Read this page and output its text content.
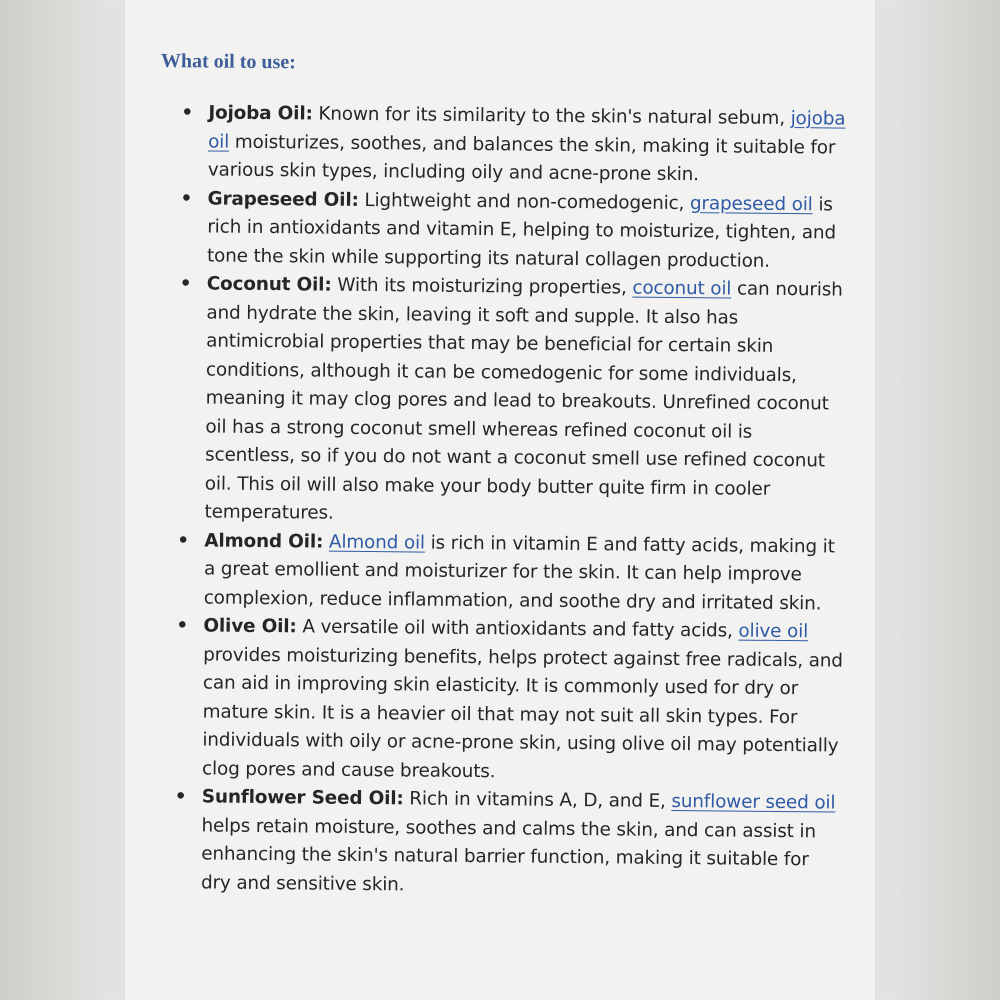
What oil to use:
• Jojoba Oil: Known for its similarity to the skin's natural sebum, jojoba oil moisturizes, soothes, and balances the skin, making it suitable for various skin types, including oily and acne-prone skin.
• Grapeseed Oil: Lightweight and non-comedogenic, grapeseed oil is rich in antioxidants and vitamin E, helping to moisturize, tighten, and tone the skin while supporting its natural collagen production.
• Coconut Oil: With its moisturizing properties, coconut oil can nourish and hydrate the skin, leaving it soft and supple. It also has antimicrobial properties that may be beneficial for certain skin conditions, although it can be comedogenic for some individuals, meaning it may clog pores and lead to breakouts. Unrefined coconut oil has a strong coconut smell whereas refined coconut oil is scentless, so if you do not want a coconut smell use refined coconut oil. This oil will also make your body butter quite firm in cooler temperatures.
• Almond Oil: Almond oil is rich in vitamin E and fatty acids, making it a great emollient and moisturizer for the skin. It can help improve complexion, reduce inflammation, and soothe dry and irritated skin.
• Olive Oil: A versatile oil with antioxidants and fatty acids, olive oil provides moisturizing benefits, helps protect against free radicals, and can aid in improving skin elasticity. It is commonly used for dry or mature skin. It is a heavier oil that may not suit all skin types. For individuals with oily or acne-prone skin, using olive oil may potentially clog pores and cause breakouts.
• Sunflower Seed Oil: Rich in vitamins A, D, and E, sunflower seed oil helps retain moisture, soothes and calms the skin, and can assist in enhancing the skin's natural barrier function, making it suitable for dry and sensitive skin.
